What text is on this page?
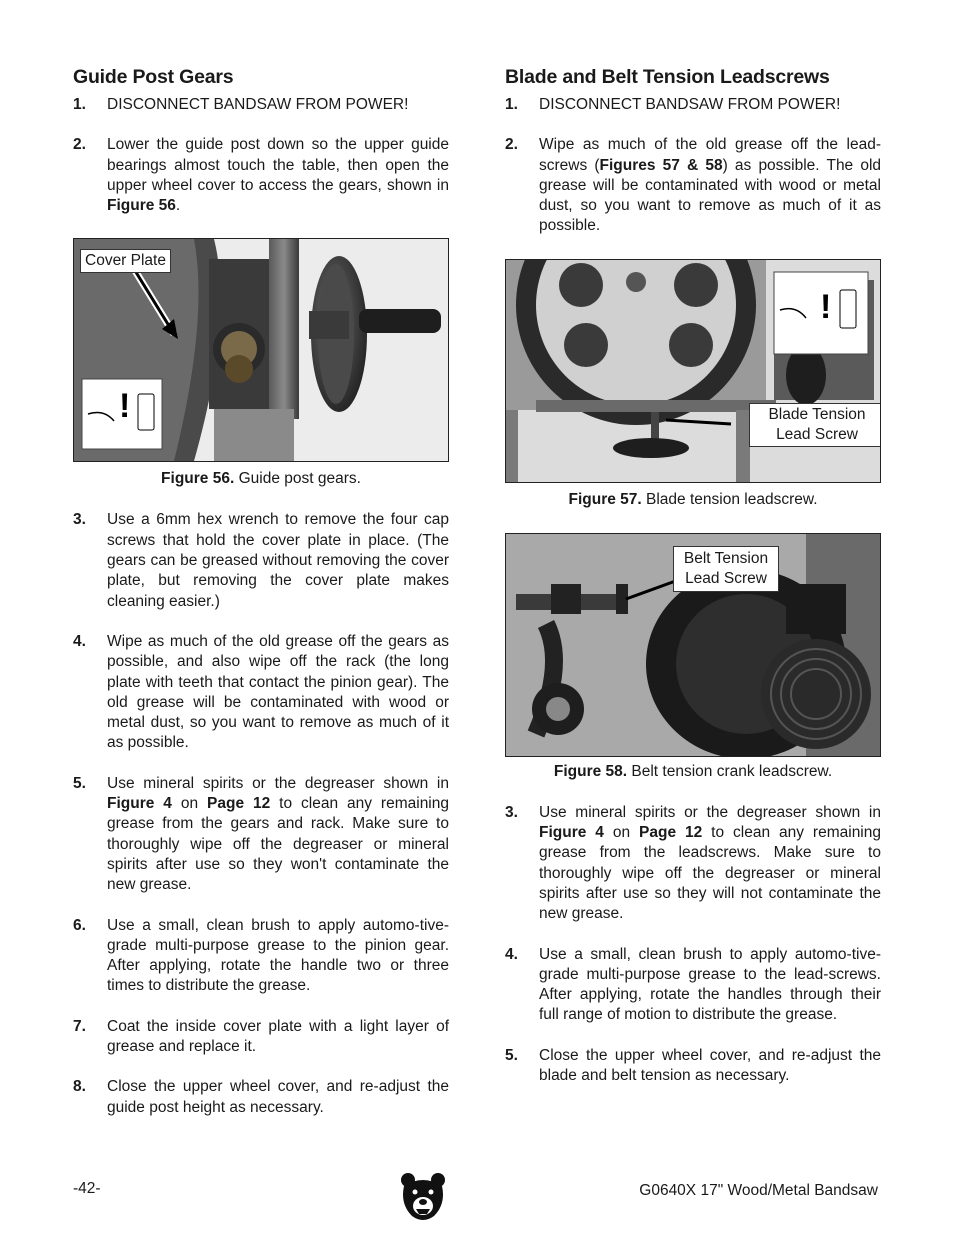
Guide Post Gears
1.	DISCONNECT BANDSAW FROM POWER!
2.	Lower the guide post down so the upper guide bearings almost touch the table, then open the upper wheel cover to access the gears, shown in Figure 56.
!
Cover Plate
Figure 56. Guide post gears.
3.	Use a 6mm hex wrench to remove the four cap screws that hold the cover plate in place. (The gears can be greased without removing the cover plate, but removing the cover plate makes cleaning easier.)
4.	Wipe as much of the old grease off the gears as possible, and also wipe off the rack (the long plate with teeth that contact the pinion gear). The old grease will be contaminated with wood or metal dust, so you want to remove as much of it as possible.
5.	Use mineral spirits or the degreaser shown in Figure 4 on Page 12 to clean any remaining grease from the gears and rack. Make sure to thoroughly wipe off the degreaser or mineral spirits after use so they won't contaminate the new grease.
6.	Use a small, clean brush to apply automo-tive-grade multi-purpose grease to the pinion gear. After applying, rotate the handle two or three times to distribute the grease.
7.	Coat the inside cover plate with a light layer of grease and replace it.
8.	Close the upper wheel cover, and re-adjust the guide post height as necessary.
Blade and Belt Tension Leadscrews
1.	DISCONNECT BANDSAW FROM POWER!
2.	Wipe as much of the old grease off the lead-screws (Figures 57 & 58) as possible. The old grease will be contaminated with wood or metal dust, so you want to remove as much of it as possible.
!
Blade Tension
Lead Screw
Figure 57. Blade tension leadscrew.
Belt Tension
Lead Screw
Figure 58. Belt tension crank leadscrew.
3.	Use mineral spirits or the degreaser shown in Figure 4 on Page 12 to clean any remaining grease from the leadscrews. Make sure to thoroughly wipe off the degreaser or mineral spirits after use so they will not contaminate the new grease.
4.	Use a small, clean brush to apply automo-tive-grade multi-purpose grease to the lead-screws. After applying, rotate the handles through their full range of motion to distribute the grease.
5.	Close the upper wheel cover, and re-adjust the blade and belt tension as necessary.
-42-	G0640X 17" Wood/Metal Bandsaw
